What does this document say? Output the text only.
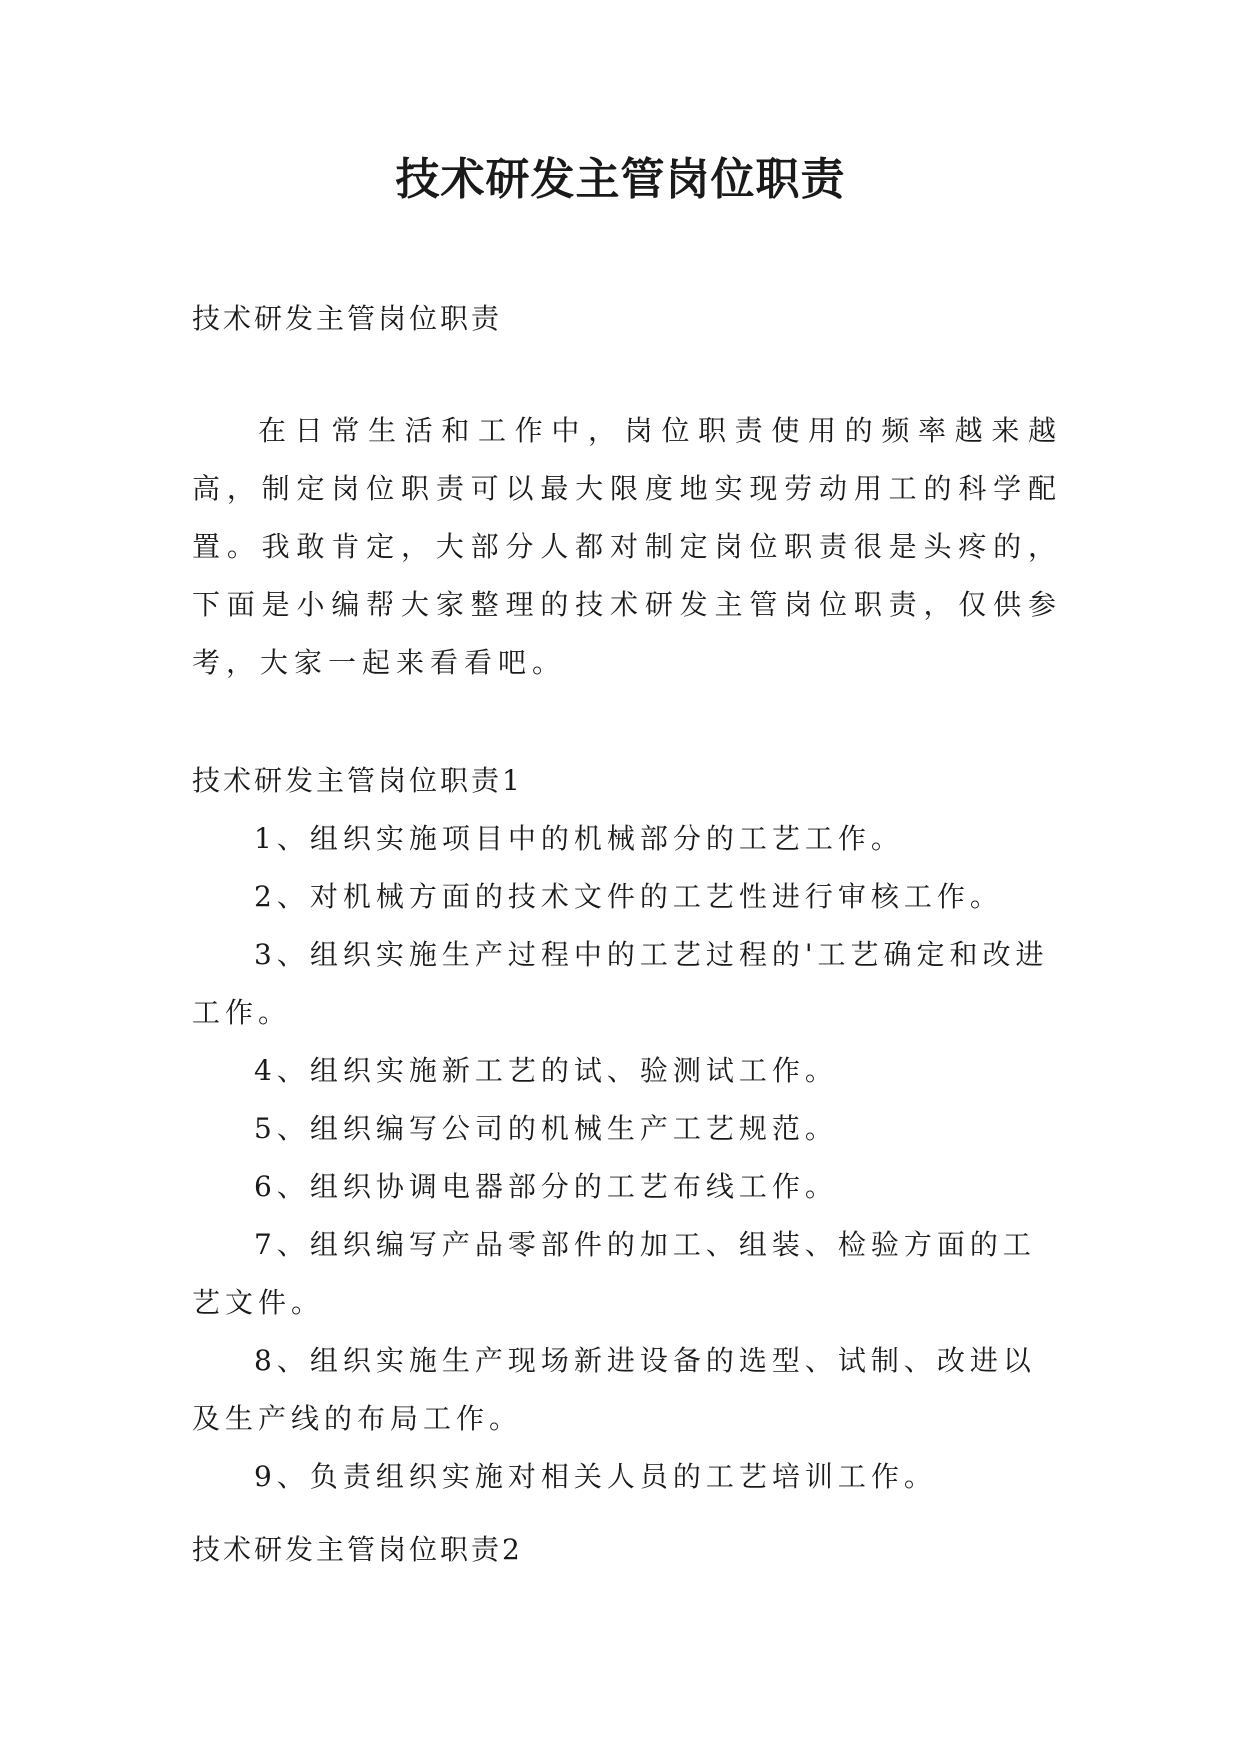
技术研发主管岗位职责

技术研发主管岗位职责

在日常生活和工作中，岗位职责使用的频率越来越高，制定岗位职责可以最大限度地实现劳动用工的科学配置。我敢肯定，大部分人都对制定岗位职责很是头疼的，下面是小编帮大家整理的技术研发主管岗位职责，仅供参考，大家一起来看看吧。

技术研发主管岗位职责1

1、组织实施项目中的机械部分的工艺工作。
2、对机械方面的技术文件的工艺性进行审核工作。
3、组织实施生产过程中的工艺过程的'工艺确定和改进工作。
4、组织实施新工艺的试、验测试工作。
5、组织编写公司的机械生产工艺规范。
6、组织协调电器部分的工艺布线工作。
7、组织编写产品零部件的加工、组装、检验方面的工艺文件。
8、组织实施生产现场新进设备的选型、试制、改进以及生产线的布局工作。
9、负责组织实施对相关人员的工艺培训工作。

技术研发主管岗位职责2
